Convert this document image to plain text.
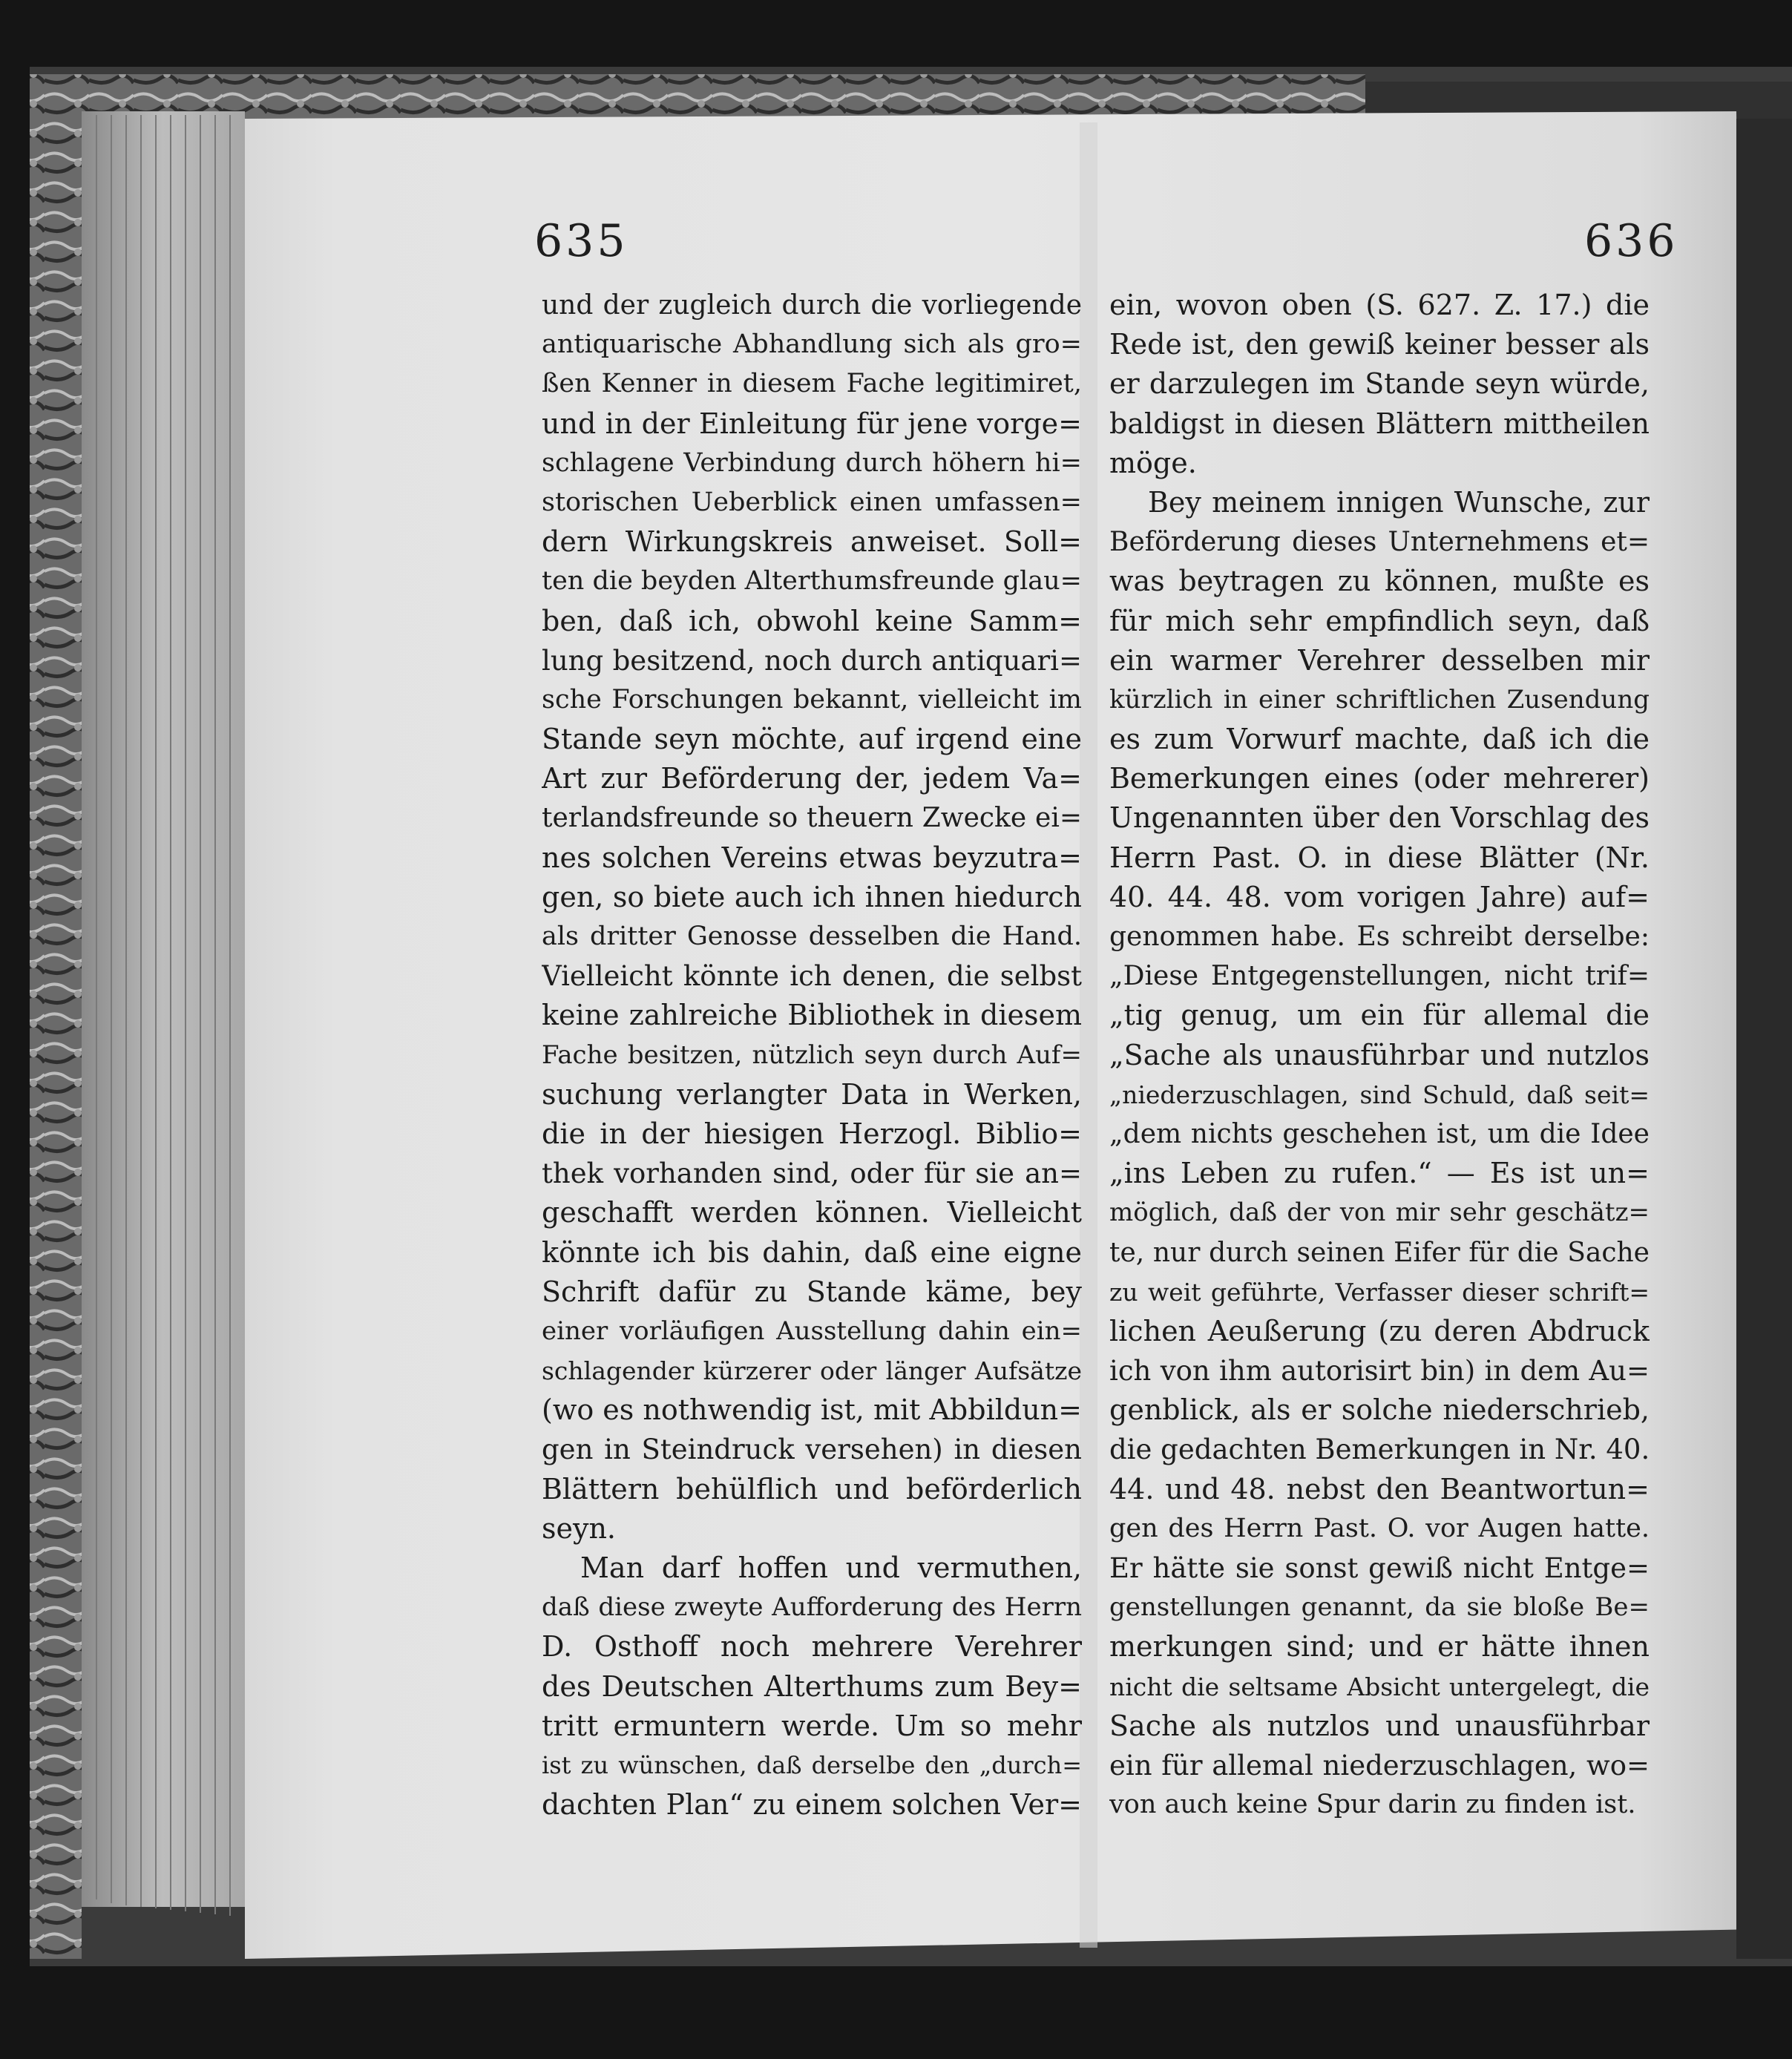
635	636
und der zugleich durch die vorliegende
antiquarische Abhandlung sich als gro=
ßen Kenner in diesem Fache legitimiret,
und in der Einleitung für jene vorge=
schlagene Verbindung durch höhern hi=
storischen Ueberblick einen umfassen=
dern Wirkungskreis anweiset. Soll=
ten die beyden Alterthumsfreunde glau=
ben, daß ich, obwohl keine Samm=
lung besitzend, noch durch antiquari=
sche Forschungen bekannt, vielleicht im
Stande seyn möchte, auf irgend eine
Art zur Beförderung der, jedem Va=
terlandsfreunde so theuern Zwecke ei=
nes solchen Vereins etwas beyzutra=
gen, so biete auch ich ihnen hiedurch
als dritter Genosse desselben die Hand.
Vielleicht könnte ich denen, die selbst
keine zahlreiche Bibliothek in diesem
Fache besitzen, nützlich seyn durch Auf=
suchung verlangter Data in Werken,
die in der hiesigen Herzogl. Biblio=
thek vorhanden sind, oder für sie an=
geschafft werden können. Vielleicht
könnte ich bis dahin, daß eine eigne
Schrift dafür zu Stande käme, bey
einer vorläufigen Ausstellung dahin ein=
schlagender kürzerer oder länger Aufsätze
(wo es nothwendig ist, mit Abbildun=
gen in Steindruck versehen) in diesen
Blättern behülflich und beförderlich
seyn.
Man darf hoffen und vermuthen,
daß diese zweyte Aufforderung des Herrn
D. Osthoff noch mehrere Verehrer
des Deutschen Alterthums zum Bey=
tritt ermuntern werde. Um so mehr
ist zu wünschen, daß derselbe den „durch=
dachten Plan“ zu einem solchen Ver=
ein, wovon oben (S. 627. Z. 17.) die
Rede ist, den gewiß keiner besser als
er darzulegen im Stande seyn würde,
baldigst in diesen Blättern mittheilen
möge.
Bey meinem innigen Wunsche, zur
Beförderung dieses Unternehmens et=
was beytragen zu können, mußte es
für mich sehr empfindlich seyn, daß
ein warmer Verehrer desselben mir
kürzlich in einer schriftlichen Zusendung
es zum Vorwurf machte, daß ich die
Bemerkungen eines (oder mehrerer)
Ungenannten über den Vorschlag des
Herrn Past. O. in diese Blätter (Nr.
40. 44. 48. vom vorigen Jahre) auf=
genommen habe. Es schreibt derselbe:
„Diese Entgegenstellungen, nicht trif=
„tig genug, um ein für allemal die
„Sache als unausführbar und nutzlos
„niederzuschlagen, sind Schuld, daß seit=
„dem nichts geschehen ist, um die Idee
„ins Leben zu rufen.“ — Es ist un=
möglich, daß der von mir sehr geschätz=
te, nur durch seinen Eifer für die Sache
zu weit geführte, Verfasser dieser schrift=
lichen Aeußerung (zu deren Abdruck
ich von ihm autorisirt bin) in dem Au=
genblick, als er solche niederschrieb,
die gedachten Bemerkungen in Nr. 40.
44. und 48. nebst den Beantwortun=
gen des Herrn Past. O. vor Augen hatte.
Er hätte sie sonst gewiß nicht Entge=
genstellungen genannt, da sie bloße Be=
merkungen sind; und er hätte ihnen
nicht die seltsame Absicht untergelegt, die
Sache als nutzlos und unausführbar
ein für allemal niederzuschlagen, wo=
von auch keine Spur darin zu finden ist.
